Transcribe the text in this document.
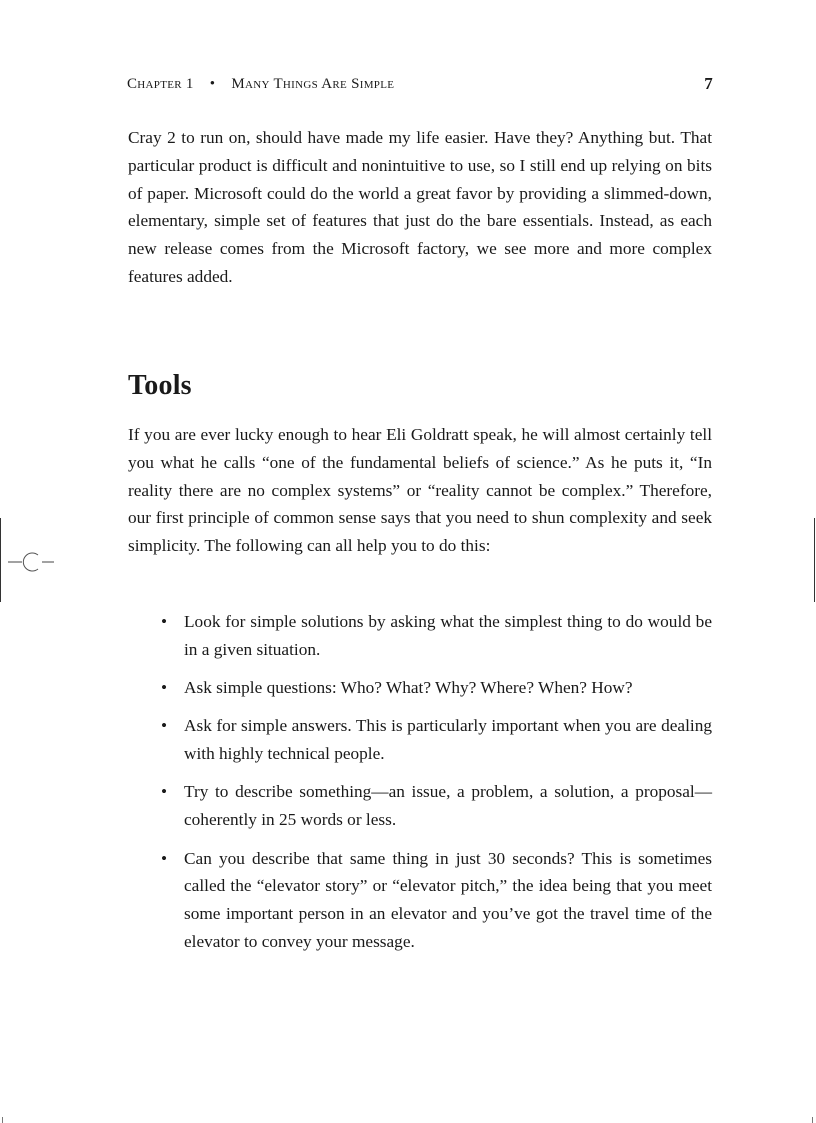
Chapter 1 • Many Things Are Simple	7

Cray 2 to run on, should have made my life easier. Have they? Anything but. That particular product is difficult and nonintuitive to use, so I still end up relying on bits of paper. Microsoft could do the world a great favor by providing a slimmed-down, elementary, simple set of features that just do the bare essentials. Instead, as each new release comes from the Microsoft factory, we see more and more complex features added.

Tools

If you are ever lucky enough to hear Eli Goldratt speak, he will almost certainly tell you what he calls “one of the fundamental beliefs of science.” As he puts it, “In reality there are no complex systems” or “reality cannot be complex.” Therefore, our first principle of common sense says that you need to shun complexity and seek simplicity. The following can all help you to do this:

• Look for simple solutions by asking what the simplest thing to do would be in a given situation.
• Ask simple questions: Who? What? Why? Where? When? How?
• Ask for simple answers. This is particularly important when you are dealing with highly technical people.
• Try to describe something—an issue, a problem, a solution, a proposal—coherently in 25 words or less.
• Can you describe that same thing in just 30 seconds? This is sometimes called the “elevator story” or “elevator pitch,” the idea being that you meet some important person in an elevator and you’ve got the travel time of the elevator to convey your message.
